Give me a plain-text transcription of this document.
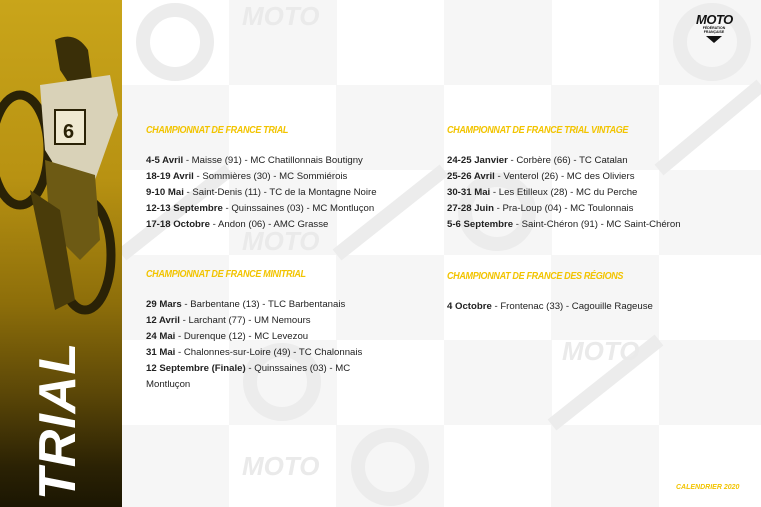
MOTO
MOTO
MOTO
MOTO
6
TRIAL
MOTO
FÉDÉRATION FRANÇAISE
CHAMPIONNAT DE FRANCE TRIAL
4-5 Avril - Maisse (91) - MC Chatillonnais Boutigny
18-19 Avril - Sommières (30) - MC Sommiérois
9-10 Mai - Saint-Denis (11) - TC de la Montagne Noire
12-13 Septembre - Quinssaines (03) - MC Montluçon
17-18 Octobre - Andon (06) - AMC Grasse
CHAMPIONNAT DE FRANCE MINITRIAL
29 Mars - Barbentane (13) - TLC Barbentanais
12 Avril - Larchant (77) - UM Nemours
24 Mai - Durenque (12) - MC Levezou
31 Mai - Chalonnes-sur-Loire (49) - TC Chalonnais
12 Septembre (Finale) - Quinssaines (03) - MC Montluçon
CHAMPIONNAT DE FRANCE TRIAL VINTAGE
24-25 Janvier - Corbère (66) - TC Catalan
25-26 Avril - Venterol (26) - MC des Oliviers
30-31 Mai - Les Etilleux (28) - MC du Perche
27-28 Juin - Pra-Loup (04) - MC Toulonnais
5-6 Septembre - Saint-Chéron (91) - MC Saint-Chéron
CHAMPIONNAT DE FRANCE DES RÉGIONS
4 Octobre - Frontenac (33) - Cagouille Rageuse
CALENDRIER 2020
